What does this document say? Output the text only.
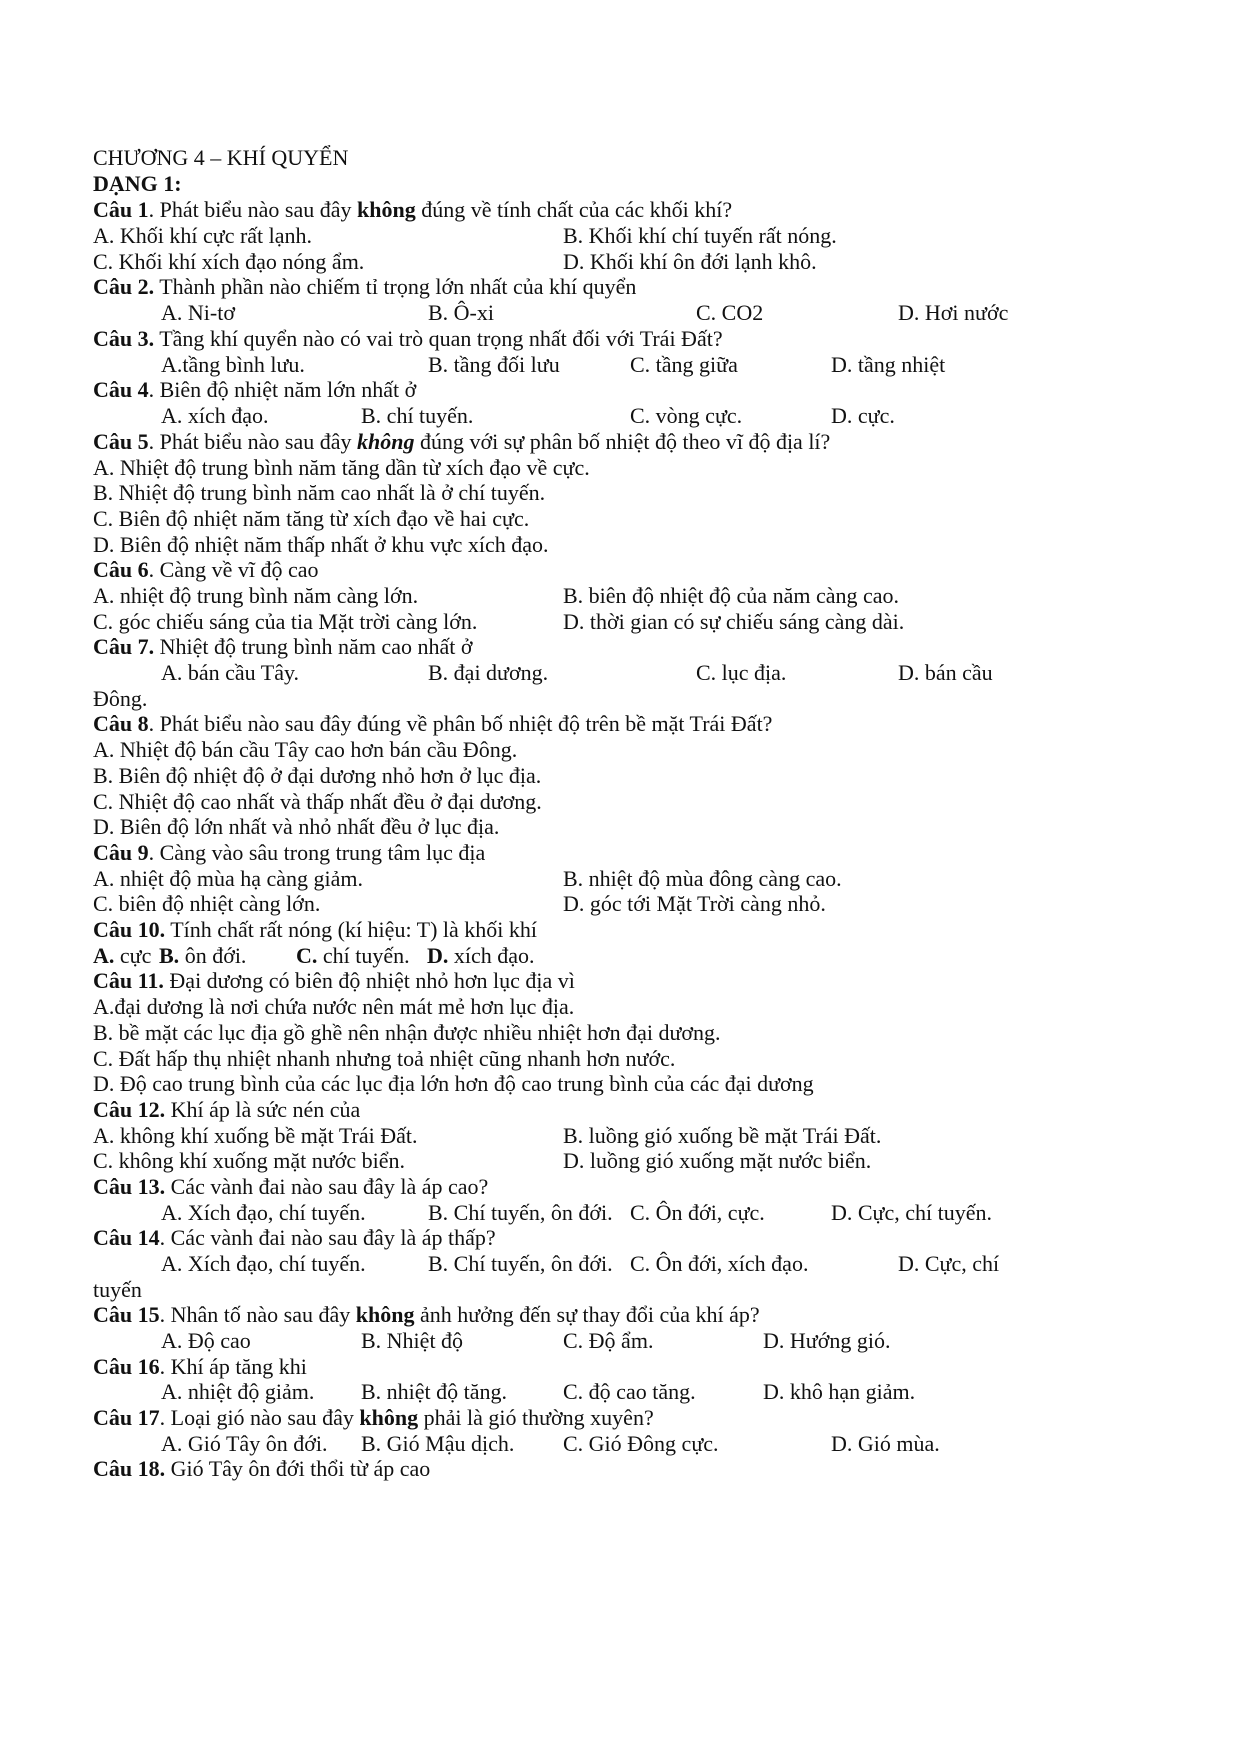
CHƯƠNG 4 – KHÍ QUYỂN
DẠNG 1:
Câu 1. Phát biểu nào sau đây không đúng về tính chất của các khối khí?
A. Khối khí cực rất lạnh.	B. Khối khí chí tuyến rất nóng.
C. Khối khí xích đạo nóng ẩm.	D. Khối khí ôn đới lạnh khô.
Câu 2. Thành phần nào chiếm tỉ trọng lớn nhất của khí quyển
A. Ni-tơ	B. Ô-xi	C. CO2	D. Hơi nước
Câu 3. Tầng khí quyển nào có vai trò quan trọng nhất đối với Trái Đất?
A.tầng bình lưu.	B. tầng đối lưu	C. tầng giữa	D. tầng nhiệt
Câu 4. Biên độ nhiệt năm lớn nhất ở
A. xích đạo.	B. chí tuyến.	C. vòng cực.	D. cực.
Câu 5. Phát biểu nào sau đây không đúng với sự phân bố nhiệt độ theo vĩ độ địa lí?
A. Nhiệt độ trung bình năm tăng dần từ xích đạo về cực.
B. Nhiệt độ trung bình năm cao nhất là ở chí tuyến.
C. Biên độ nhiệt năm tăng từ xích đạo về hai cực.
D. Biên độ nhiệt năm thấp nhất ở khu vực xích đạo.
Câu 6. Càng về vĩ độ cao
A. nhiệt độ trung bình năm càng lớn.	B. biên độ nhiệt độ của năm càng cao.
C. góc chiếu sáng của tia Mặt trời càng lớn.	D. thời gian có sự chiếu sáng càng dài.
Câu 7. Nhiệt độ trung bình năm cao nhất ở
A. bán cầu Tây.	B. đại dương.	C. lục địa.	D. bán cầu
Đông.
Câu 8. Phát biểu nào sau đây đúng về phân bố nhiệt độ trên bề mặt Trái Đất?
A. Nhiệt độ bán cầu Tây cao hơn bán cầu Đông.
B. Biên độ nhiệt độ ở đại dương nhỏ hơn ở lục địa.
C. Nhiệt độ cao nhất và thấp nhất đều ở đại dương.
D. Biên độ lớn nhất và nhỏ nhất đều ở lục địa.
Câu 9. Càng vào sâu trong trung tâm lục địa
A. nhiệt độ mùa hạ càng giảm.	B. nhiệt độ mùa đông càng cao.
C. biên độ nhiệt càng lớn.	D. góc tới Mặt Trời càng nhỏ.
Câu 10. Tính chất rất nóng (kí hiệu: T) là khối khí
A. cực B. ôn đới. C. chí tuyến. D. xích đạo.
Câu 11. Đại dương có biên độ nhiệt nhỏ hơn lục địa vì
A.đại dương là nơi chứa nước nên mát mẻ hơn lục địa.
B. bề mặt các lục địa gồ ghề nên nhận được nhiều nhiệt hơn đại dương.
C. Đất hấp thụ nhiệt nhanh nhưng toả nhiệt cũng nhanh hơn nước.
D. Độ cao trung bình của các lục địa lớn hơn độ cao trung bình của các đại dương
Câu 12. Khí áp là sức nén của
A. không khí xuống bề mặt Trái Đất.	B. luồng gió xuống bề mặt Trái Đất.
C. không khí xuống mặt nước biển.	D. luồng gió xuống mặt nước biển.
Câu 13. Các vành đai nào sau đây là áp cao?
A. Xích đạo, chí tuyến.	B. Chí tuyến, ôn đới. C. Ôn đới, cực.	D. Cực, chí tuyến.
Câu 14. Các vành đai nào sau đây là áp thấp?
A. Xích đạo, chí tuyến.	B. Chí tuyến, ôn đới. C. Ôn đới, xích đạo.	D. Cực, chí
tuyến
Câu 15. Nhân tố nào sau đây không ảnh hưởng đến sự thay đổi của khí áp?
A. Độ cao	B. Nhiệt độ	C. Độ ẩm.	D. Hướng gió.
Câu 16. Khí áp tăng khi
A. nhiệt độ giảm. B. nhiệt độ tăng.	C. độ cao tăng.	D. khô hạn giảm.
Câu 17. Loại gió nào sau đây không phải là gió thường xuyên?
A. Gió Tây ôn đới. B. Gió Mậu dịch. C. Gió Đông cực.	D. Gió mùa.
Câu 18. Gió Tây ôn đới thổi từ áp cao
